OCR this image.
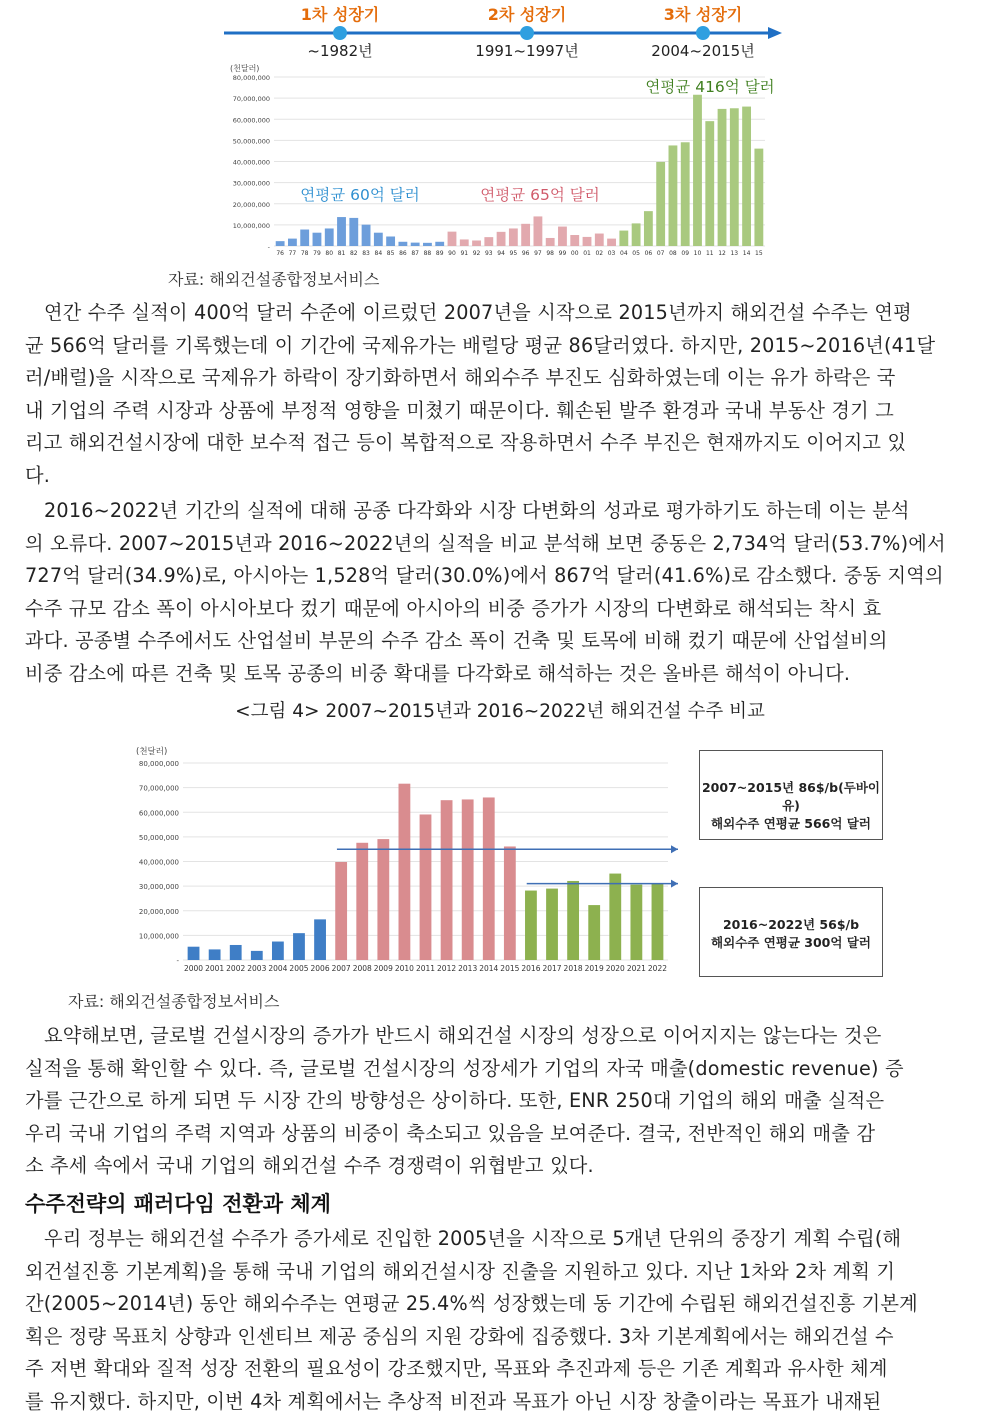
1차 성장기	2차 성장기	3차 성장기
~1982년	1991~1997년	2004~2015년
(천달러)
-
10,000,000
20,000,000
30,000,000
40,000,000
50,000,000
60,000,000
70,000,000
80,000,000
76 77 78 79 80 81 82 83 84 85 86 87 88 89 90 91 92 93 94 95 96 97 98 99 00 01 02 03 04 05 06 07 08 09 10 11 12 13 14 15
연평균 60억 달러	연평균 65억 달러
연평균 416억 달러
자료: 해외건설종합정보서비스
연간 수주 실적이 400억 달러 수준에 이르렀던 2007년을 시작으로 2015년까지 해외건설 수주는 연평
균 566억 달러를 기록했는데 이 기간에 국제유가는 배럴당 평균 86달러였다. 하지만, 2015~2016년(41달
러/배럴)을 시작으로 국제유가 하락이 장기화하면서 해외수주 부진도 심화하였는데 이는 유가 하락은 국
내 기업의 주력 시장과 상품에 부정적 영향을 미쳤기 때문이다. 훼손된 발주 환경과 국내 부동산 경기 그
리고 해외건설시장에 대한 보수적 접근 등이 복합적으로 작용하면서 수주 부진은 현재까지도 이어지고 있
다.
2016~2022년 기간의 실적에 대해 공종 다각화와 시장 다변화의 성과로 평가하기도 하는데 이는 분석
의 오류다. 2007~2015년과 2016~2022년의 실적을 비교 분석해 보면 중동은 2,734억 달러(53.7%)에서
727억 달러(34.9%)로, 아시아는 1,528억 달러(30.0%)에서 867억 달러(41.6%)로 감소했다. 중동 지역의
수주 규모 감소 폭이 아시아보다 컸기 때문에 아시아의 비중 증가가 시장의 다변화로 해석되는 착시 효
과다. 공종별 수주에서도 산업설비 부문의 수주 감소 폭이 건축 및 토목에 비해 컸기 때문에 산업설비의
비중 감소에 따른 건축 및 토목 공종의 비중 확대를 다각화로 해석하는 것은 올바른 해석이 아니다.
<그림 4> 2007~2015년과 2016~2022년 해외건설 수주 비교
(천달러)
-
10,000,000
20,000,000
30,000,000
40,000,000
50,000,000
60,000,000
70,000,000
80,000,000
2000 2001 2002 2003 2004 2005 2006 2007 2008 2009 2010 2011 2012 2013 2014 2015 2016 2017 2018 2019 2020 2021 2022
2007~2015년 86$/b(두바이유)
해외수주 연평균 566억 달러
2016~2022년 56$/b
해외수주 연평균 300억 달러
자료: 해외건설종합정보서비스
요약해보면, 글로벌 건설시장의 증가가 반드시 해외건설 시장의 성장으로 이어지지는 않는다는 것은
실적을 통해 확인할 수 있다. 즉, 글로벌 건설시장의 성장세가 기업의 자국 매출(domestic revenue) 증
가를 근간으로 하게 되면 두 시장 간의 방향성은 상이하다. 또한, ENR 250대 기업의 해외 매출 실적은
우리 국내 기업의 주력 지역과 상품의 비중이 축소되고 있음을 보여준다. 결국, 전반적인 해외 매출 감
소 추세 속에서 국내 기업의 해외건설 수주 경쟁력이 위협받고 있다.
수주전략의 패러다임 전환과 체계
우리 정부는 해외건설 수주가 증가세로 진입한 2005년을 시작으로 5개년 단위의 중장기 계획 수립(해
외건설진흥 기본계획)을 통해 국내 기업의 해외건설시장 진출을 지원하고 있다. 지난 1차와 2차 계획 기
간(2005~2014년) 동안 해외수주는 연평균 25.4%씩 성장했는데 동 기간에 수립된 해외건설진흥 기본계
획은 정량 목표치 상향과 인센티브 제공 중심의 지원 강화에 집중했다. 3차 기본계획에서는 해외건설 수
주 저변 확대와 질적 성장 전환의 필요성이 강조했지만, 목표와 추진과제 등은 기존 계획과 유사한 체계
를 유지했다. 하지만, 이번 4차 계획에서는 추상적 비전과 목표가 아닌 시장 창출이라는 목표가 내재된
